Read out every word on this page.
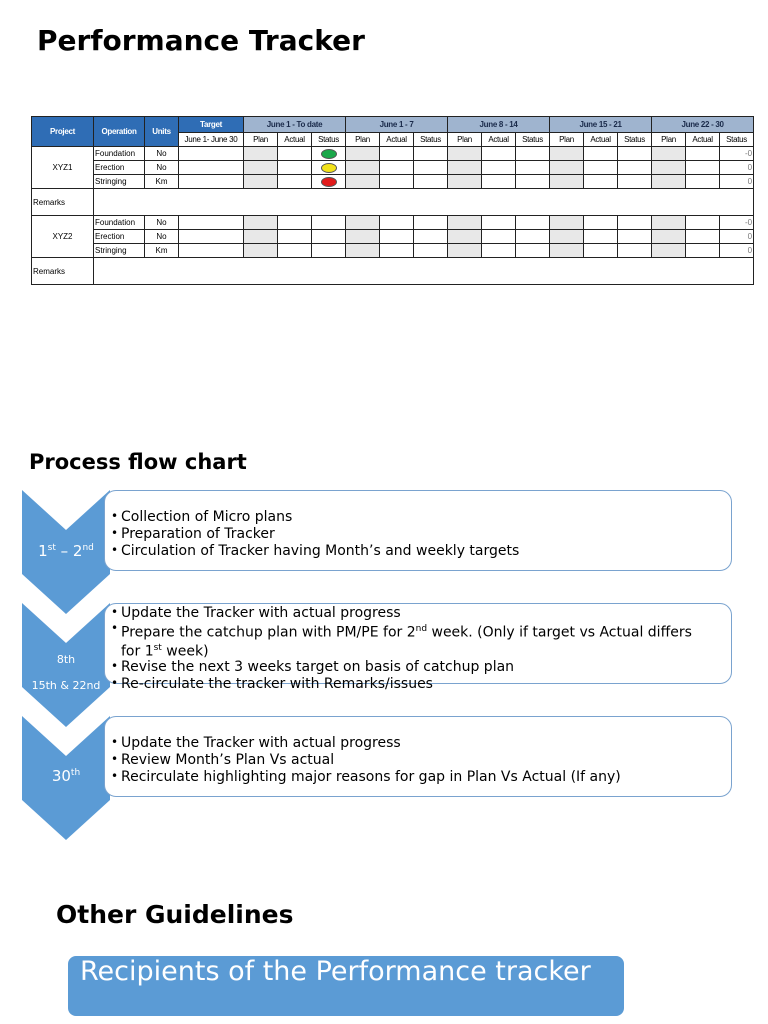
Performance Tracker
Project	Operation	Units	Target	June 1 - To date			June 1 - 7			June 8 - 14			June 15 - 21			June 22 - 30		
			June 1- June 30	Plan	Actual	Status	Plan	Actual	Status	Plan	Actual	Status	Plan	Actual	Status	Plan	Actual	Status
XYZ1	Foundation	No																-0
	Erection	No																0
	Stringing	Km																0
Remarks																		
XYZ2	Foundation	No																-0
	Erection	No																0
	Stringing	Km																0
Remarks																		
Process flow chart
1st – 2nd
• Collection of Micro plans
• Preparation of Tracker
• Circulation of Tracker having Month’s and weekly targets
8th
15th & 22nd
• Update the Tracker with actual progress
• Prepare the catchup plan with PM/PE for 2nd week. (Only if target vs Actual differs
for 1st week)
• Revise the next 3 weeks target on basis of catchup plan
• Re-circulate the tracker with Remarks/issues
30th
• Update the Tracker with actual progress
• Review Month’s Plan Vs actual
• Recirculate highlighting major reasons for gap in Plan Vs Actual (If any)
Other Guidelines
Recipients of the Performance tracker
